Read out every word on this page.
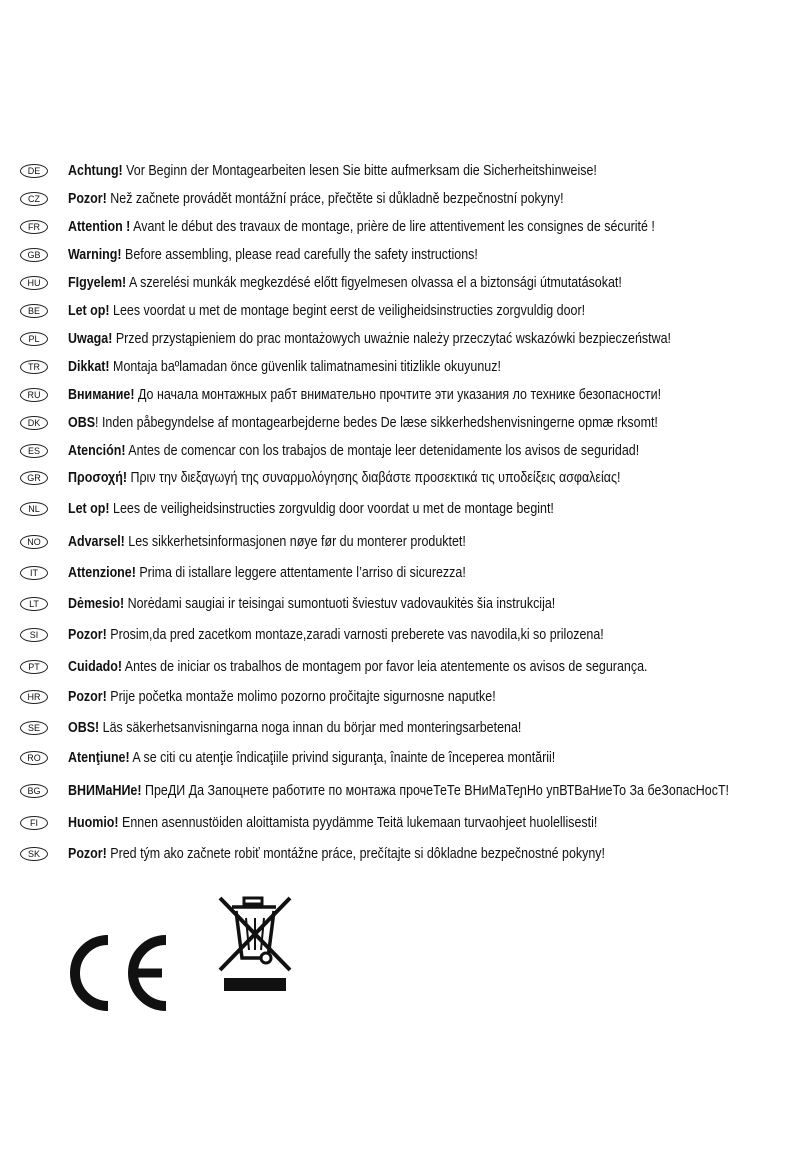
DE	Achtung! Vor Beginn der Montagearbeiten lesen Sie bitte aufmerksam die Sicherheitshinweise!
CZ	Pozor! Než začnete provádět montážní práce, přečtěte si důkladně bezpečnostní pokyny!
FR	Attention ! Avant le début des travaux de montage, prière de lire attentivement les consignes de sécurité !
GB	Warning! Before assembling, please read carefully the safety instructions!
HU	FIgyelem! A szerelési munkák megkezdésé előtt figyelmesen olvassa el a biztonsági útmutatásokat!
BE	Let op! Lees voordat u met de montage begint eerst de veiligheidsinstructies zorgvuldig door!
PL	Uwaga! Przed przystąpieniem do prac montażowych uważnie należy przeczytać wskazówki bezpieczeństwa!
TR	Dikkat! Montaja baºlamadan önce güvenlik talimatnamesini titizlikle okuyunuz!
RU	Внимание! До начала монтажных рабт внимательно прочтите эти указания ло технике безопасности!
DK	OBS! Inden påbegyndelse af montagearbejderne bedes De læse sikkerhedshenvisningerne opmæ rksomt!
ES	Atención! Antes de comencar con los trabajos de montaje leer detenidamente los avisos de seguridad!
GR	Προσοχή! Πριν την διεξαγωγή της συναρμολόγησης διαβάστε προσεκτικά τις υποδείξεις ασφαλείας!
NL	Let op! Lees de veiligheidsinstructies zorgvuldig door voordat u met de montage begint!
NO	Advarsel! Les sikkerhetsinformasjonen nøye før du monterer produktet!
IT	Attenzione! Prima di istallare leggere attentamente l’arriso di sicurezza!
LT	Dėmesio! Norėdami saugiai ir teisingai sumontuoti šviestuv vadovaukitės šia instrukcija!
SI	Pozor! Prosim,da pred zacetkom montaze,zaradi varnosti preberete vas navodila,ki so prilozena!
PT	Cuidado! Antes de iniciar os trabalhos de montagem por favor leia atentemente os avisos de segurança.
HR	Pozor! Prije početka montaže molimo pozorno pročitajte sigurnosne naputke!
SE	OBS! Läs säkerhetsanvisningarna noga innan du börjar med monteringsarbetena!
RO	Atenţiune! A se citi cu atenţie îndicaţiile privind siguranţa, înainte de începerea montării!
BG	ВНИМаНИе! ПреДИ Да Запоцнете работите по монтажа прочеТеТе ВНиМаТеɲНо упВТВаНиеТо За беЗопасНосТ!
FI	Huomio! Ennen asennustöiden aloittamista pyydämme Teitä lukemaan turvaohjeet huolellisesti!
SK	Pozor! Pred tým ako začnete robiť montážne práce, prečítajte si dôkladne bezpečnostné pokyny!
